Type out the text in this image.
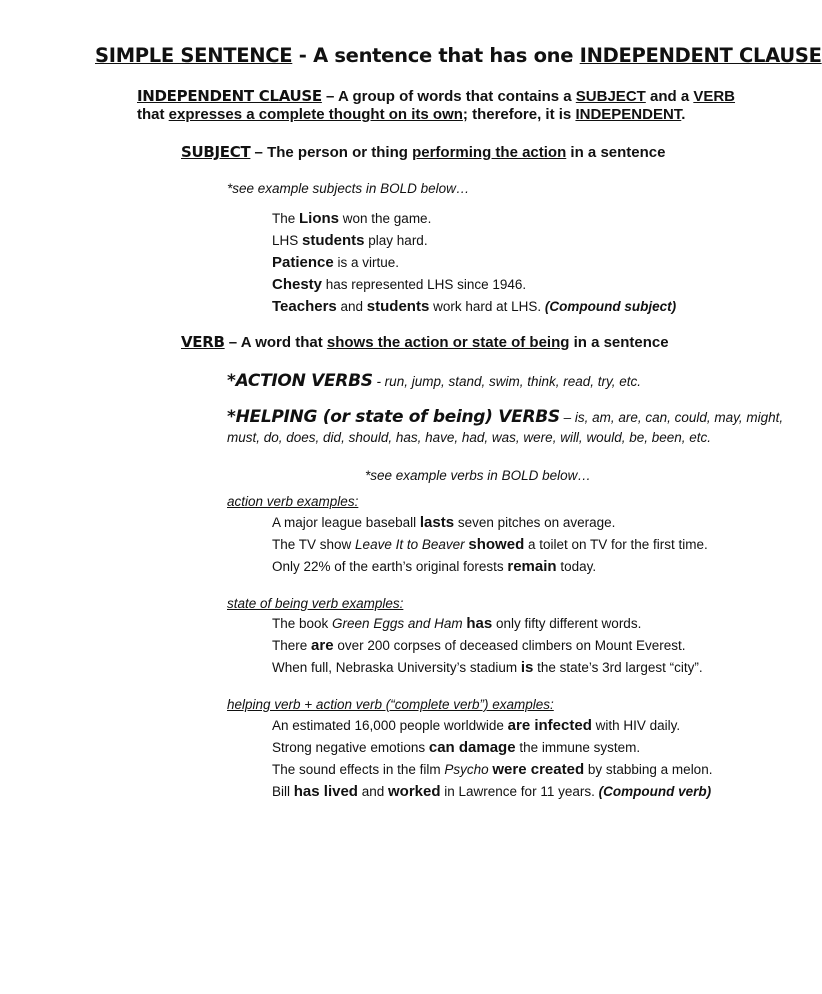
SIMPLE SENTENCE - A sentence that has one INDEPENDENT CLAUSE
INDEPENDENT CLAUSE – A group of words that contains a SUBJECT and a VERB
that expresses a complete thought on its own; therefore, it is INDEPENDENT.
SUBJECT – The person or thing performing the action in a sentence
*see example subjects in BOLD below…
The Lions won the game.
LHS students play hard.
Patience is a virtue.
Chesty has represented LHS since 1946.
Teachers and students work hard at LHS. (Compound subject)
VERB – A word that shows the action or state of being in a sentence
*ACTION VERBS - run, jump, stand, swim, think, read, try, etc.
*HELPING (or state of being) VERBS – is, am, are, can, could, may, might,
must, do, does, did, should, has, have, had, was, were, will, would, be, been, etc.
*see example verbs in BOLD below…
action verb examples:
A major league baseball lasts seven pitches on average.
The TV show Leave It to Beaver showed a toilet on TV for the first time.
Only 22% of the earth’s original forests remain today.
state of being verb examples:
The book Green Eggs and Ham has only fifty different words.
There are over 200 corpses of deceased climbers on Mount Everest.
When full, Nebraska University’s stadium is the state’s 3rd largest “city”.
helping verb + action verb (“complete verb”) examples:
An estimated 16,000 people worldwide are infected with HIV daily.
Strong negative emotions can damage the immune system.
The sound effects in the film Psycho were created by stabbing a melon.
Bill has lived and worked in Lawrence for 11 years. (Compound verb)
